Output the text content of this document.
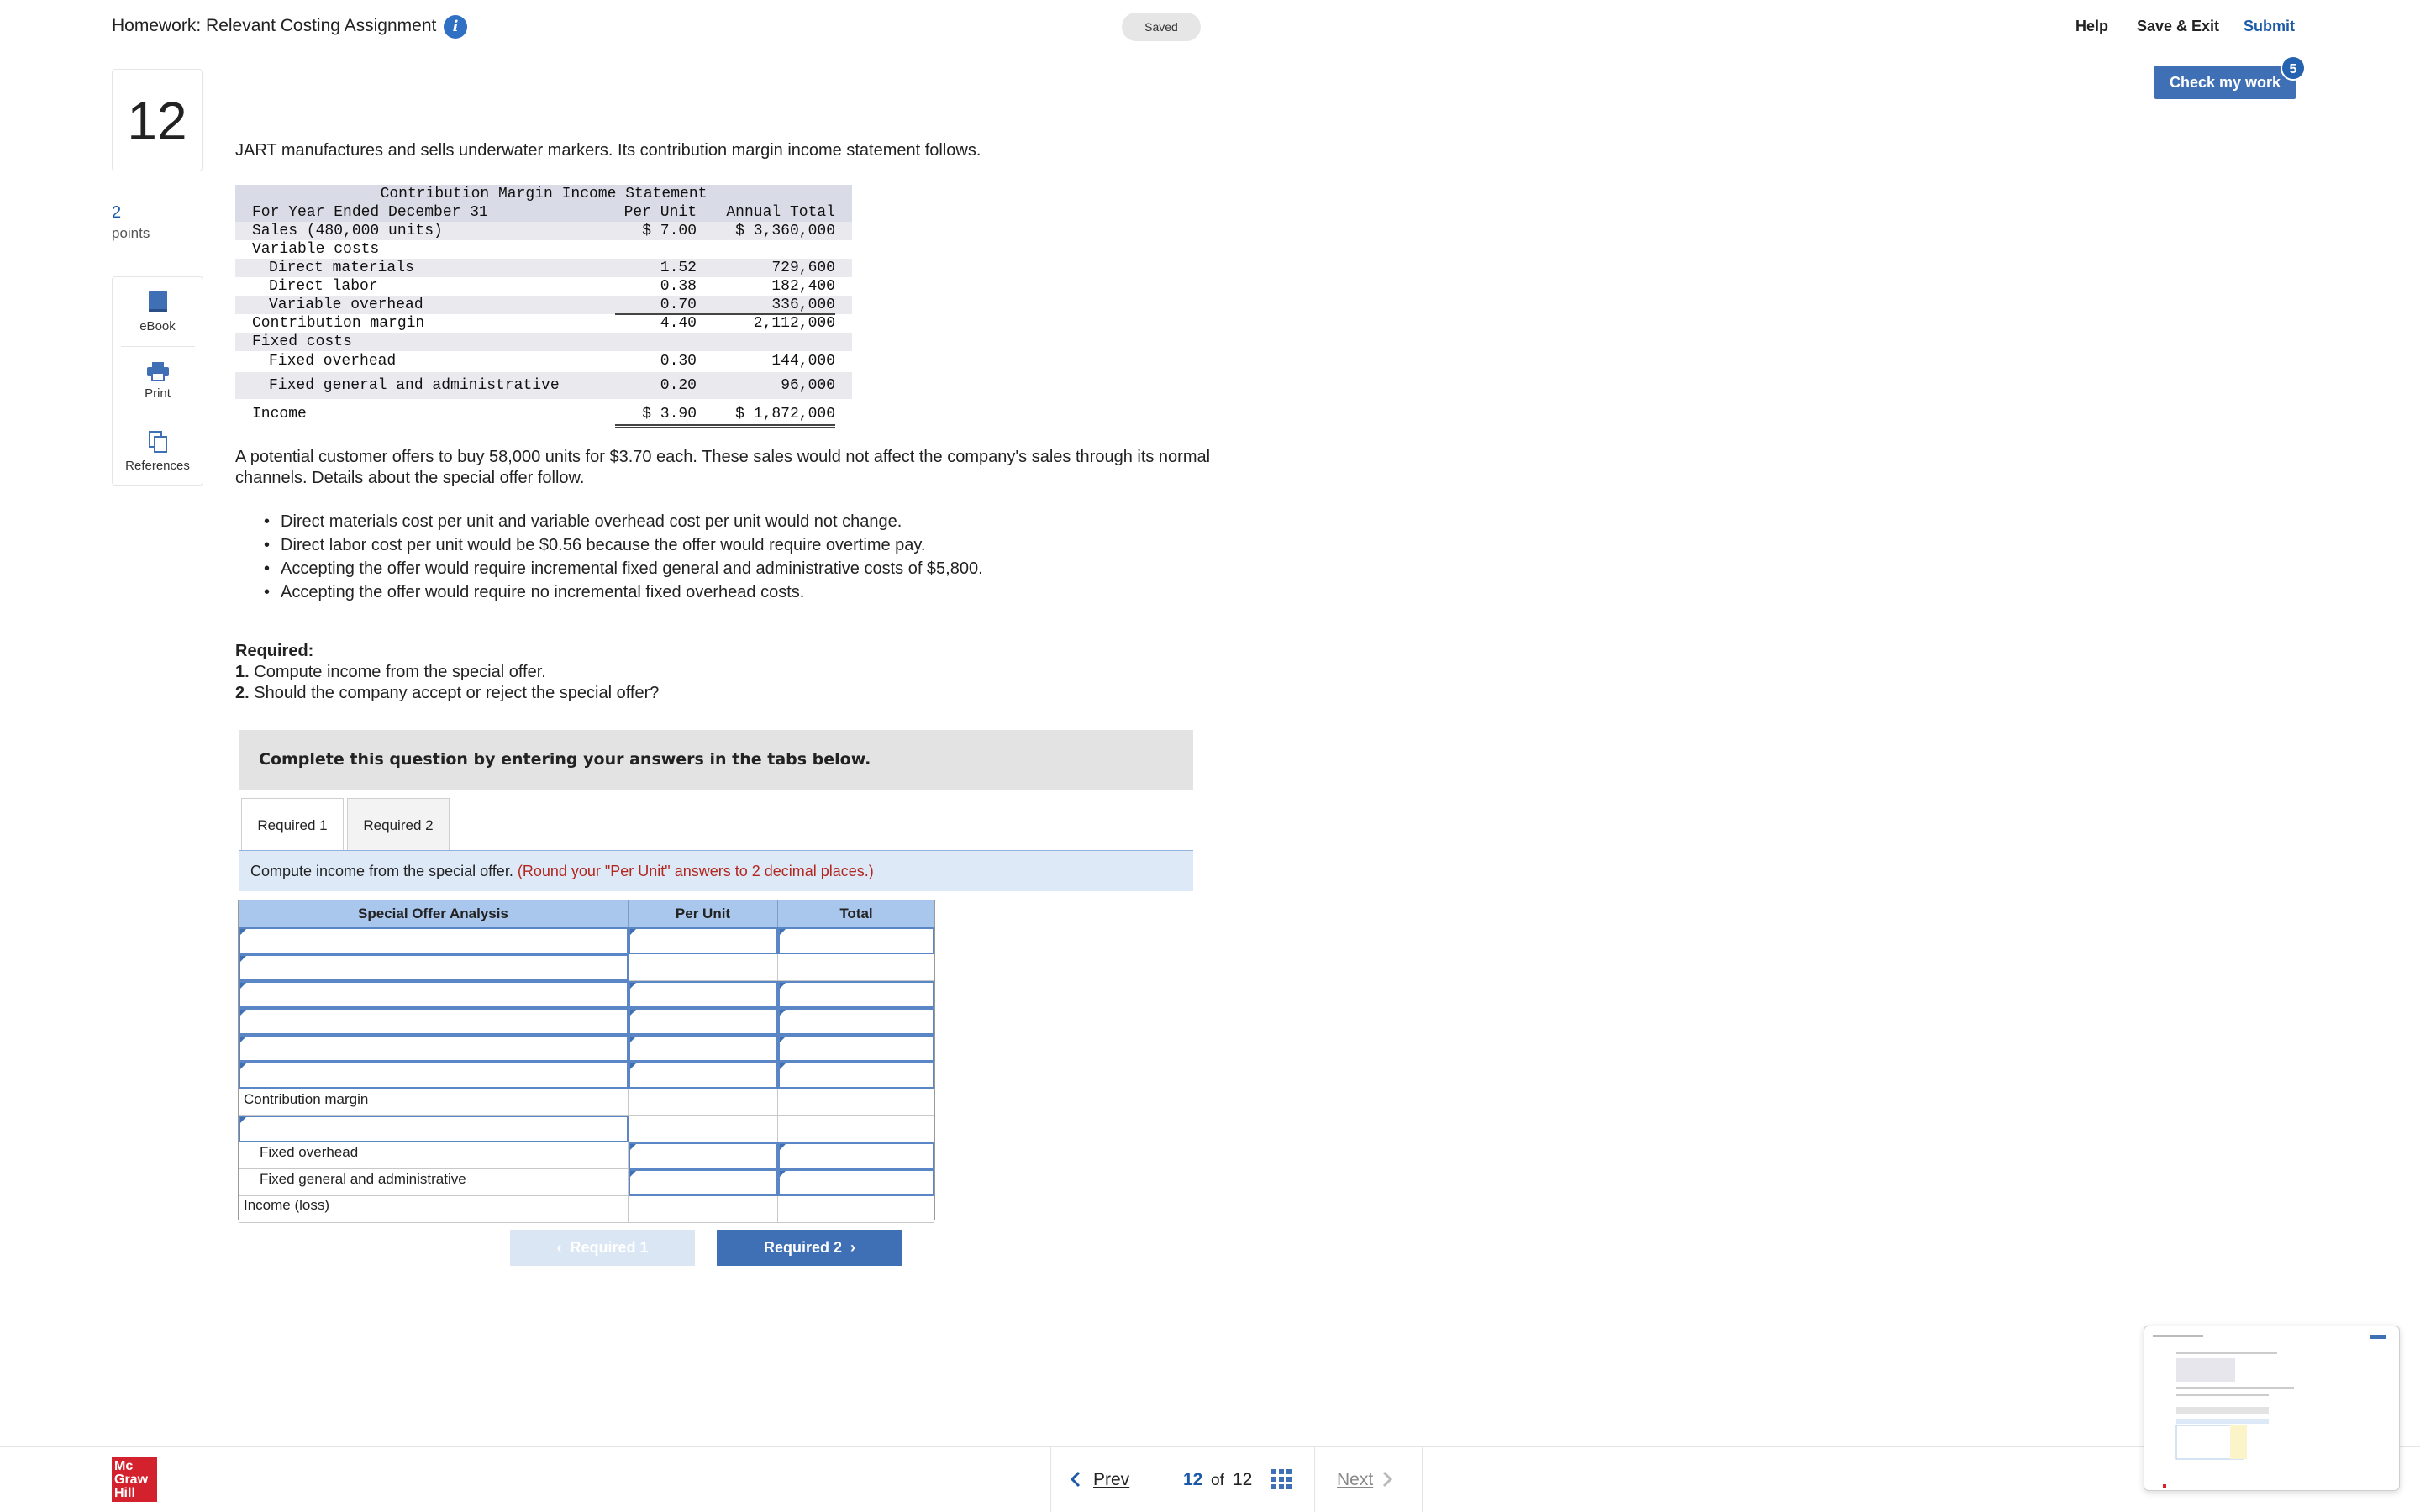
Homework: Relevant Costing Assignment	i	Saved	Help Save & Exit Submit
Check my work
5
12
2
points
eBook
Print
References
JART manufactures and sells underwater markers. Its contribution margin income statement follows.
Contribution Margin Income Statement
For Year Ended December 31	Per Unit Annual Total
Sales (480,000 units)	$ 7.00	$ 3,360,000
Variable costs
Direct materials	1.52	729,600
Direct labor	0.38	182,400
Variable overhead	0.70	336,000
Contribution margin	4.40	2,112,000
Fixed costs
Fixed overhead	0.30	144,000
Fixed general and administrative	0.20	96,000
Income	$ 3.90	$ 1,872,000
A potential customer offers to buy 58,000 units for $3.70 each. These sales would not affect the company's sales through its normal channels. Details about the special offer follow.
• Direct materials cost per unit and variable overhead cost per unit would not change.
• Direct labor cost per unit would be $0.56 because the offer would require overtime pay.
• Accepting the offer would require incremental fixed general and administrative costs of $5,800.
• Accepting the offer would require no incremental fixed overhead costs.
Required:
1. Compute income from the special offer.
2. Should the company accept or reject the special offer?
Complete this question by entering your answers in the tabs below.
Required 1	Required 2
Compute income from the special offer. (Round your "Per Unit" answers to 2 decimal places.)
Special Offer Analysis	Per Unit	Total
Contribution margin
Fixed overhead
Fixed general and administrative
Income (loss)
‹  Required 1	Required 2  ›
Mc
Graw
Hill
Prev	12 of 12	Next
